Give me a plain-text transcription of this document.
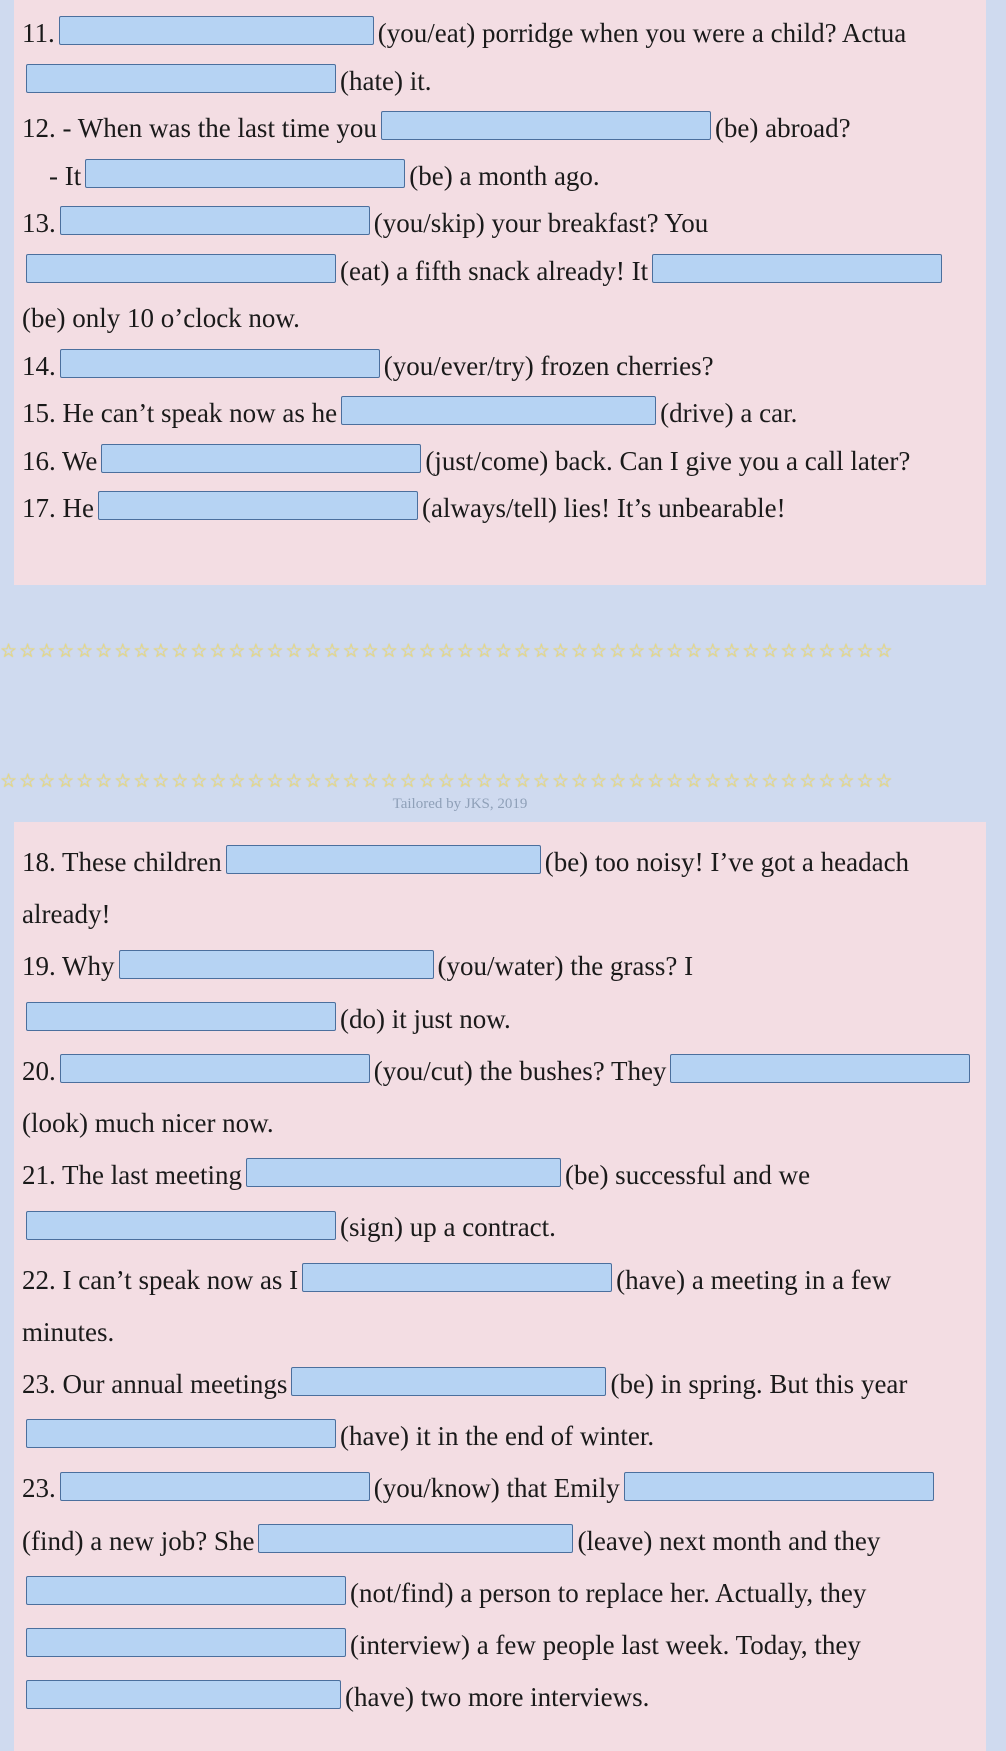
11.	(you/eat) porridge when you were a child? Actua
(hate) it.
12. - When was the last time you	(be) abroad?
- It	(be) a month ago.
13.	(you/skip) your breakfast? You
(eat) a fifth snack already! It
(be) only 10 o’clock now.
14.	(you/ever/try) frozen cherries?
15. He can’t speak now as he	(drive) a car.
16. We	(just/come) back. Can I give you a call later?
17. He	(always/tell) lies! It’s unbearable!
☆☆☆☆☆☆☆☆☆☆☆☆☆☆☆☆☆☆☆☆☆☆☆☆☆☆☆☆☆☆☆☆☆☆☆☆☆☆☆☆☆☆☆☆☆☆☆
☆☆☆☆☆☆☆☆☆☆☆☆☆☆☆☆☆☆☆☆☆☆☆☆☆☆☆☆☆☆☆☆☆☆☆☆☆☆☆☆☆☆☆☆☆☆☆
Tailored by JKS, 2019
18. These children	(be) too noisy! I’ve got a headach
already!
19. Why	(you/water) the grass? I
(do) it just now.
20.	(you/cut) the bushes? They
(look) much nicer now.
21. The last meeting	(be) successful and we
(sign) up a contract.
22. I can’t speak now as I	(have) a meeting in a few
minutes.
23. Our annual meetings	(be) in spring. But this year
(have) it in the end of winter.
23.	(you/know) that Emily
(find) a new job? She	(leave) next month and they
(not/find) a person to replace her. Actually, they
(interview) a few people last week. Today, they
(have) two more interviews.
